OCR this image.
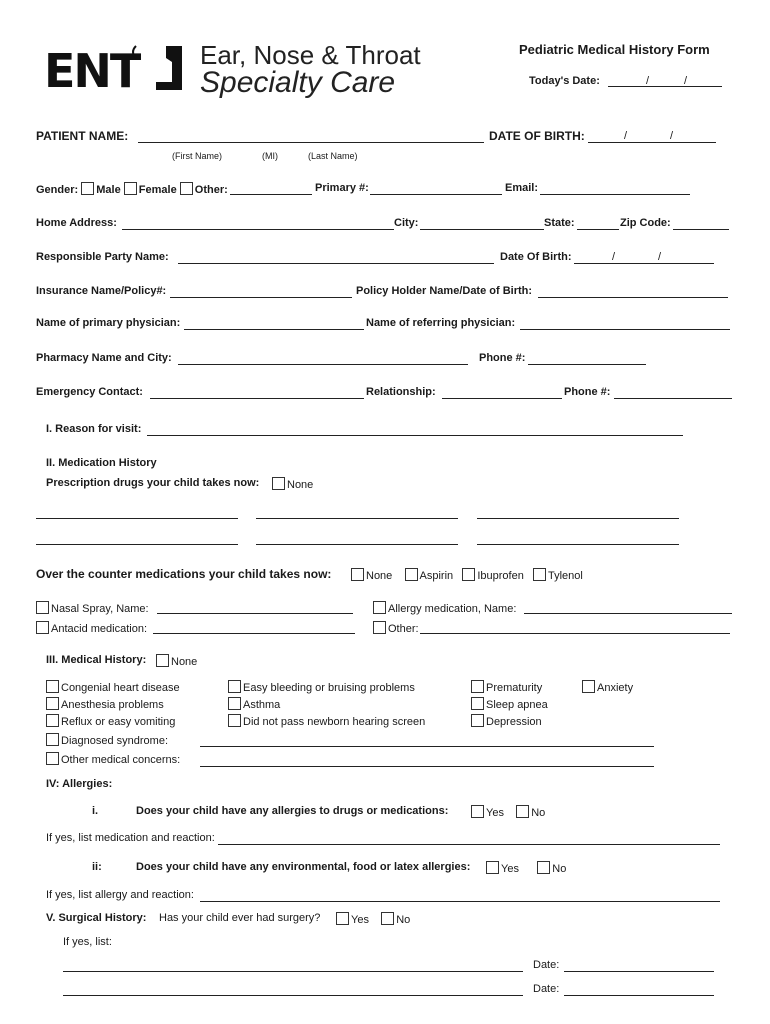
ENT Ear, Nose & Throat
Specialty Care
Pediatric Medical History Form
Today's Date:	/	/
PATIENT NAME:	DATE OF BIRTH:	/	/
(First Name)	(MI)	(Last Name)
Gender: Male Female Other:	Primary #:	Email:
Home Address:	City:	State:	Zip Code:
Responsible Party Name:	Date Of Birth:	/	/
Insurance Name/Policy#:	Policy Holder Name/Date of Birth:
Name of primary physician:	Name of referring physician:
Pharmacy Name and City:	Phone #:
Emergency Contact:	Relationship:	Phone #:
I. Reason for visit:
II. Medication History
Prescription drugs your child takes now:	None
Over the counter medications your child takes now:	None Aspirin Ibuprofen Tylenol
Nasal Spray, Name:	Allergy medication, Name:
Antacid medication:	Other:
III. Medical History:	None
Congenial heart disease
Anesthesia problems
Reflux or easy vomiting
Diagnosed syndrome:
Other medical concerns:
Easy bleeding or bruising problems
Asthma
Did not pass newborn hearing screen
Prematurity
Sleep apnea
Depression
Anxiety
IV: Allergies:
i.	Does your child have any allergies to drugs or medications:	Yes No
If yes, list medication and reaction:
ii:	Does your child have any environmental, food or latex allergies:	Yes	No
If yes, list allergy and reaction:
V. Surgical History: Has your child ever had surgery?	Yes No
If yes, list:
Date:
Date:
